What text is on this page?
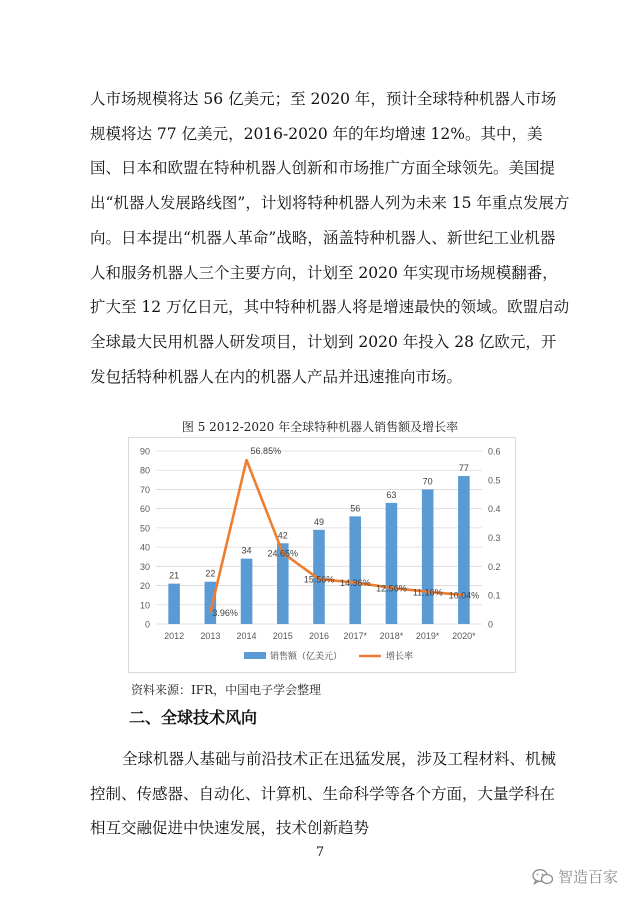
人市场规模将达 56 亿美元；至 2020 年，预计全球特种机器人市场规模将达 77 亿美元，2016-2020 年的年均增速 12%。其中，美国、日本和欧盟在特种机器人创新和市场推广方面全球领先。美国提出“机器人发展路线图”，计划将特种机器人列为未来 15 年重点发展方向。日本提出“机器人革命”战略，涵盖特种机器人、新世纪工业机器人和服务机器人三个主要方向，计划至 2020 年实现市场规模翻番，扩大至 12 万亿日元，其中特种机器人将是增速最快的领域。欧盟启动全球最大民用机器人研发项目，计划到 2020 年投入 28 亿欧元，开发包括特种机器人在内的机器人产品并迅速推向市场。

图 5 2012-2020 年全球特种机器人销售额及增长率
0
10
20
30
40
50
60
70
80
90
0
0.1
0.2
0.3
0.4
0.5
0.6
2012 2013 2014 2015 2016 2017* 2018* 2019* 2020*
21	22
34
42
49
56
63
70
77
3.96%
56.85%
24.65%
15.56% 14.36%
12.56% 11.16% 10.04%
销售额（亿美元）	增长率
资料来源：IFR，中国电子学会整理
二、全球技术风向

全球机器人基础与前沿技术正在迅猛发展，涉及工程材料、机械控制、传感器、自动化、计算机、生命科学等各个方面，大量学科在相互交融促进中快速发展，技术创新趋势

7
智造百家
